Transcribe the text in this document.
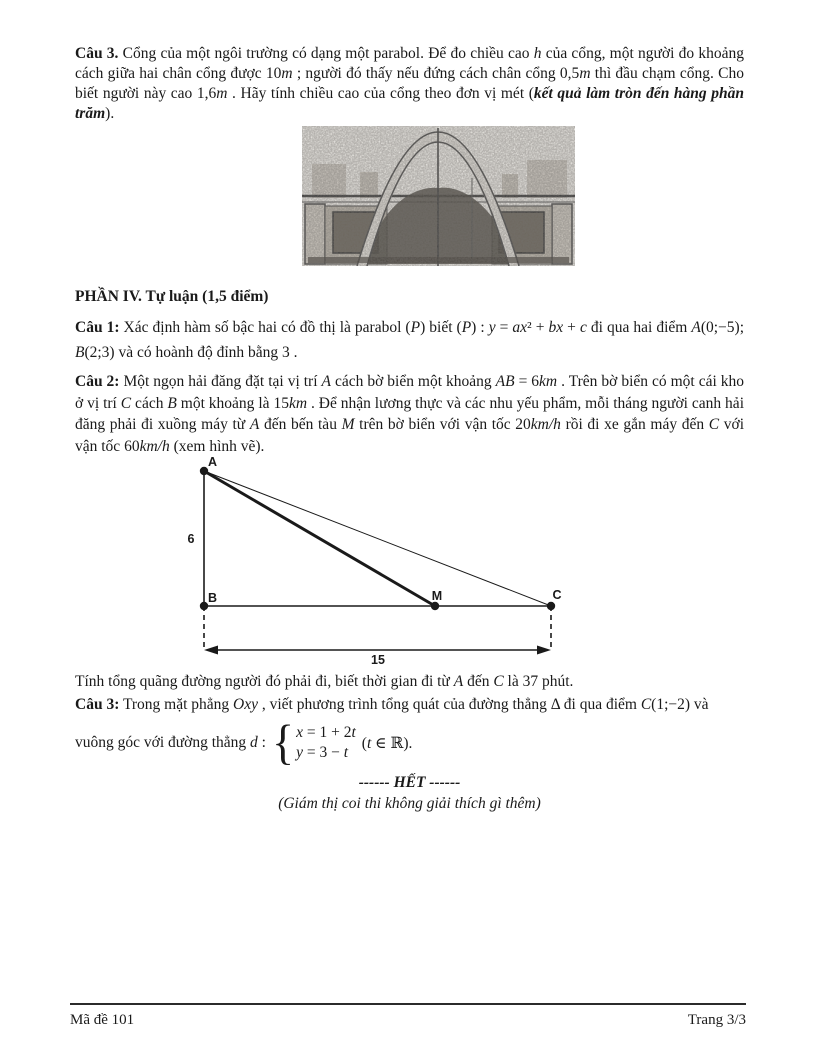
Câu 3. Cổng của một ngôi trường có dạng một parabol. Để đo chiều cao h của cổng, một người đo khoảng cách giữa hai chân cổng được 10m ; người đó thấy nếu đứng cách chân cổng 0,5m thì đầu chạm cổng. Cho biết người này cao 1,6m . Hãy tính chiều cao của cổng theo đơn vị mét (kết quả làm tròn đến hàng phần trăm).

PHẦN IV. Tự luận (1,5 điểm)

Câu 1: Xác định hàm số bậc hai có đồ thị là parabol (P) biết (P) : y = ax² + bx + c đi qua hai điểm A(0;−5); B(2;3) và có hoành độ đỉnh bằng 3 .

Câu 2: Một ngọn hải đăng đặt tại vị trí A cách bờ biển một khoảng AB = 6km . Trên bờ biển có một cái kho ở vị trí C cách B một khoảng là 15km . Để nhận lương thực và các nhu yếu phẩm, mỗi tháng người canh hải đăng phải đi xuồng máy từ A đến bến tàu M trên bờ biển với vận tốc 20km/h rồi đi xe gắn máy đến C với vận tốc 60km/h (xem hình vẽ).

A
B	M	C
6
15

Tính tổng quãng đường người đó phải đi, biết thời gian đi từ A đến C là 37 phút.

Câu 3: Trong mặt phẳng Oxy , viết phương trình tổng quát của đường thẳng Δ đi qua điểm C(1;−2) và

vuông góc với đường thẳng d : { x = 1 + 2t
y = 3 − t
(t ∈ ℝ).
------ HẾT ------
(Giám thị coi thi không giải thích gì thêm)
Mã đề 101	Trang 3/3
